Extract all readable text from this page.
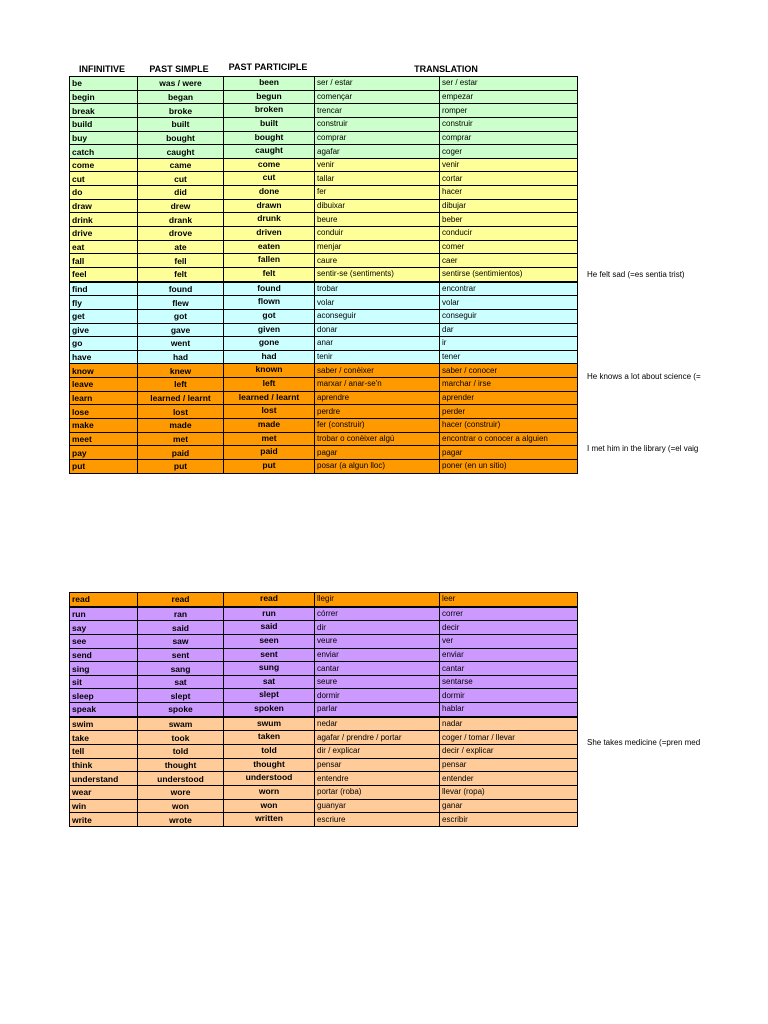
INFINITIVE	PAST SIMPLE	PAST PARTICIPLE	TRANSLATION
be	was / were	been	ser / estar	ser / estar
begin	began	begun	començar	empezar
break	broke	broken	trencar	romper
build	built	built	construir	construir
buy	bought	bought	comprar	comprar
catch	caught	caught	agafar	coger
come	came	come	venir	venir
cut	cut	cut	tallar	cortar
do	did	done	fer	hacer
draw	drew	drawn	dibuixar	dibujar
drink	drank	drunk	beure	beber
drive	drove	driven	conduir	conducir
eat	ate	eaten	menjar	comer
fall	fell	fallen	caure	caer
feel	felt	felt	sentir-se (sentiments)	sentirse (sentimientos)
find	found	found	trobar	encontrar
fly	flew	flown	volar	volar
get	got	got	aconseguir	conseguir
give	gave	given	donar	dar
go	went	gone	anar	ir
have	had	had	tenir	tener
know	knew	known	saber / conèixer	saber / conocer
leave	left	left	marxar / anar-se'n	marchar / irse
learn	learned / learnt	learned / learnt	aprendre	aprender
lose	lost	lost	perdre	perder
make	made	made	fer (construir)	hacer (construir)
meet	met	met	trobar o conèixer algú	encontrar o conocer a alguien
pay	paid	paid	pagar	pagar
put	put	put	posar (a algun lloc)	poner (en un sitio)
read	read	read	llegir	leer
run	ran	run	córrer	correr
say	said	said	dir	decir
see	saw	seen	veure	ver
send	sent	sent	enviar	enviar
sing	sang	sung	cantar	cantar
sit	sat	sat	seure	sentarse
sleep	slept	slept	dormir	dormir
speak	spoke	spoken	parlar	hablar
swim	swam	swum	nedar	nadar
take	took	taken	agafar / prendre / portar	coger / tomar / llevar
tell	told	told	dir / explicar	decir / explicar
think	thought	thought	pensar	pensar
understand	understood	understood	entendre	entender
wear	wore	worn	portar (roba)	llevar (ropa)
win	won	won	guanyar	ganar
write	wrote	written	escriure	escribir
He felt sad (=es sentia trist)
He knows a lot about science (=
I met him in the library (=el vaig
She takes medicine (=pren med
